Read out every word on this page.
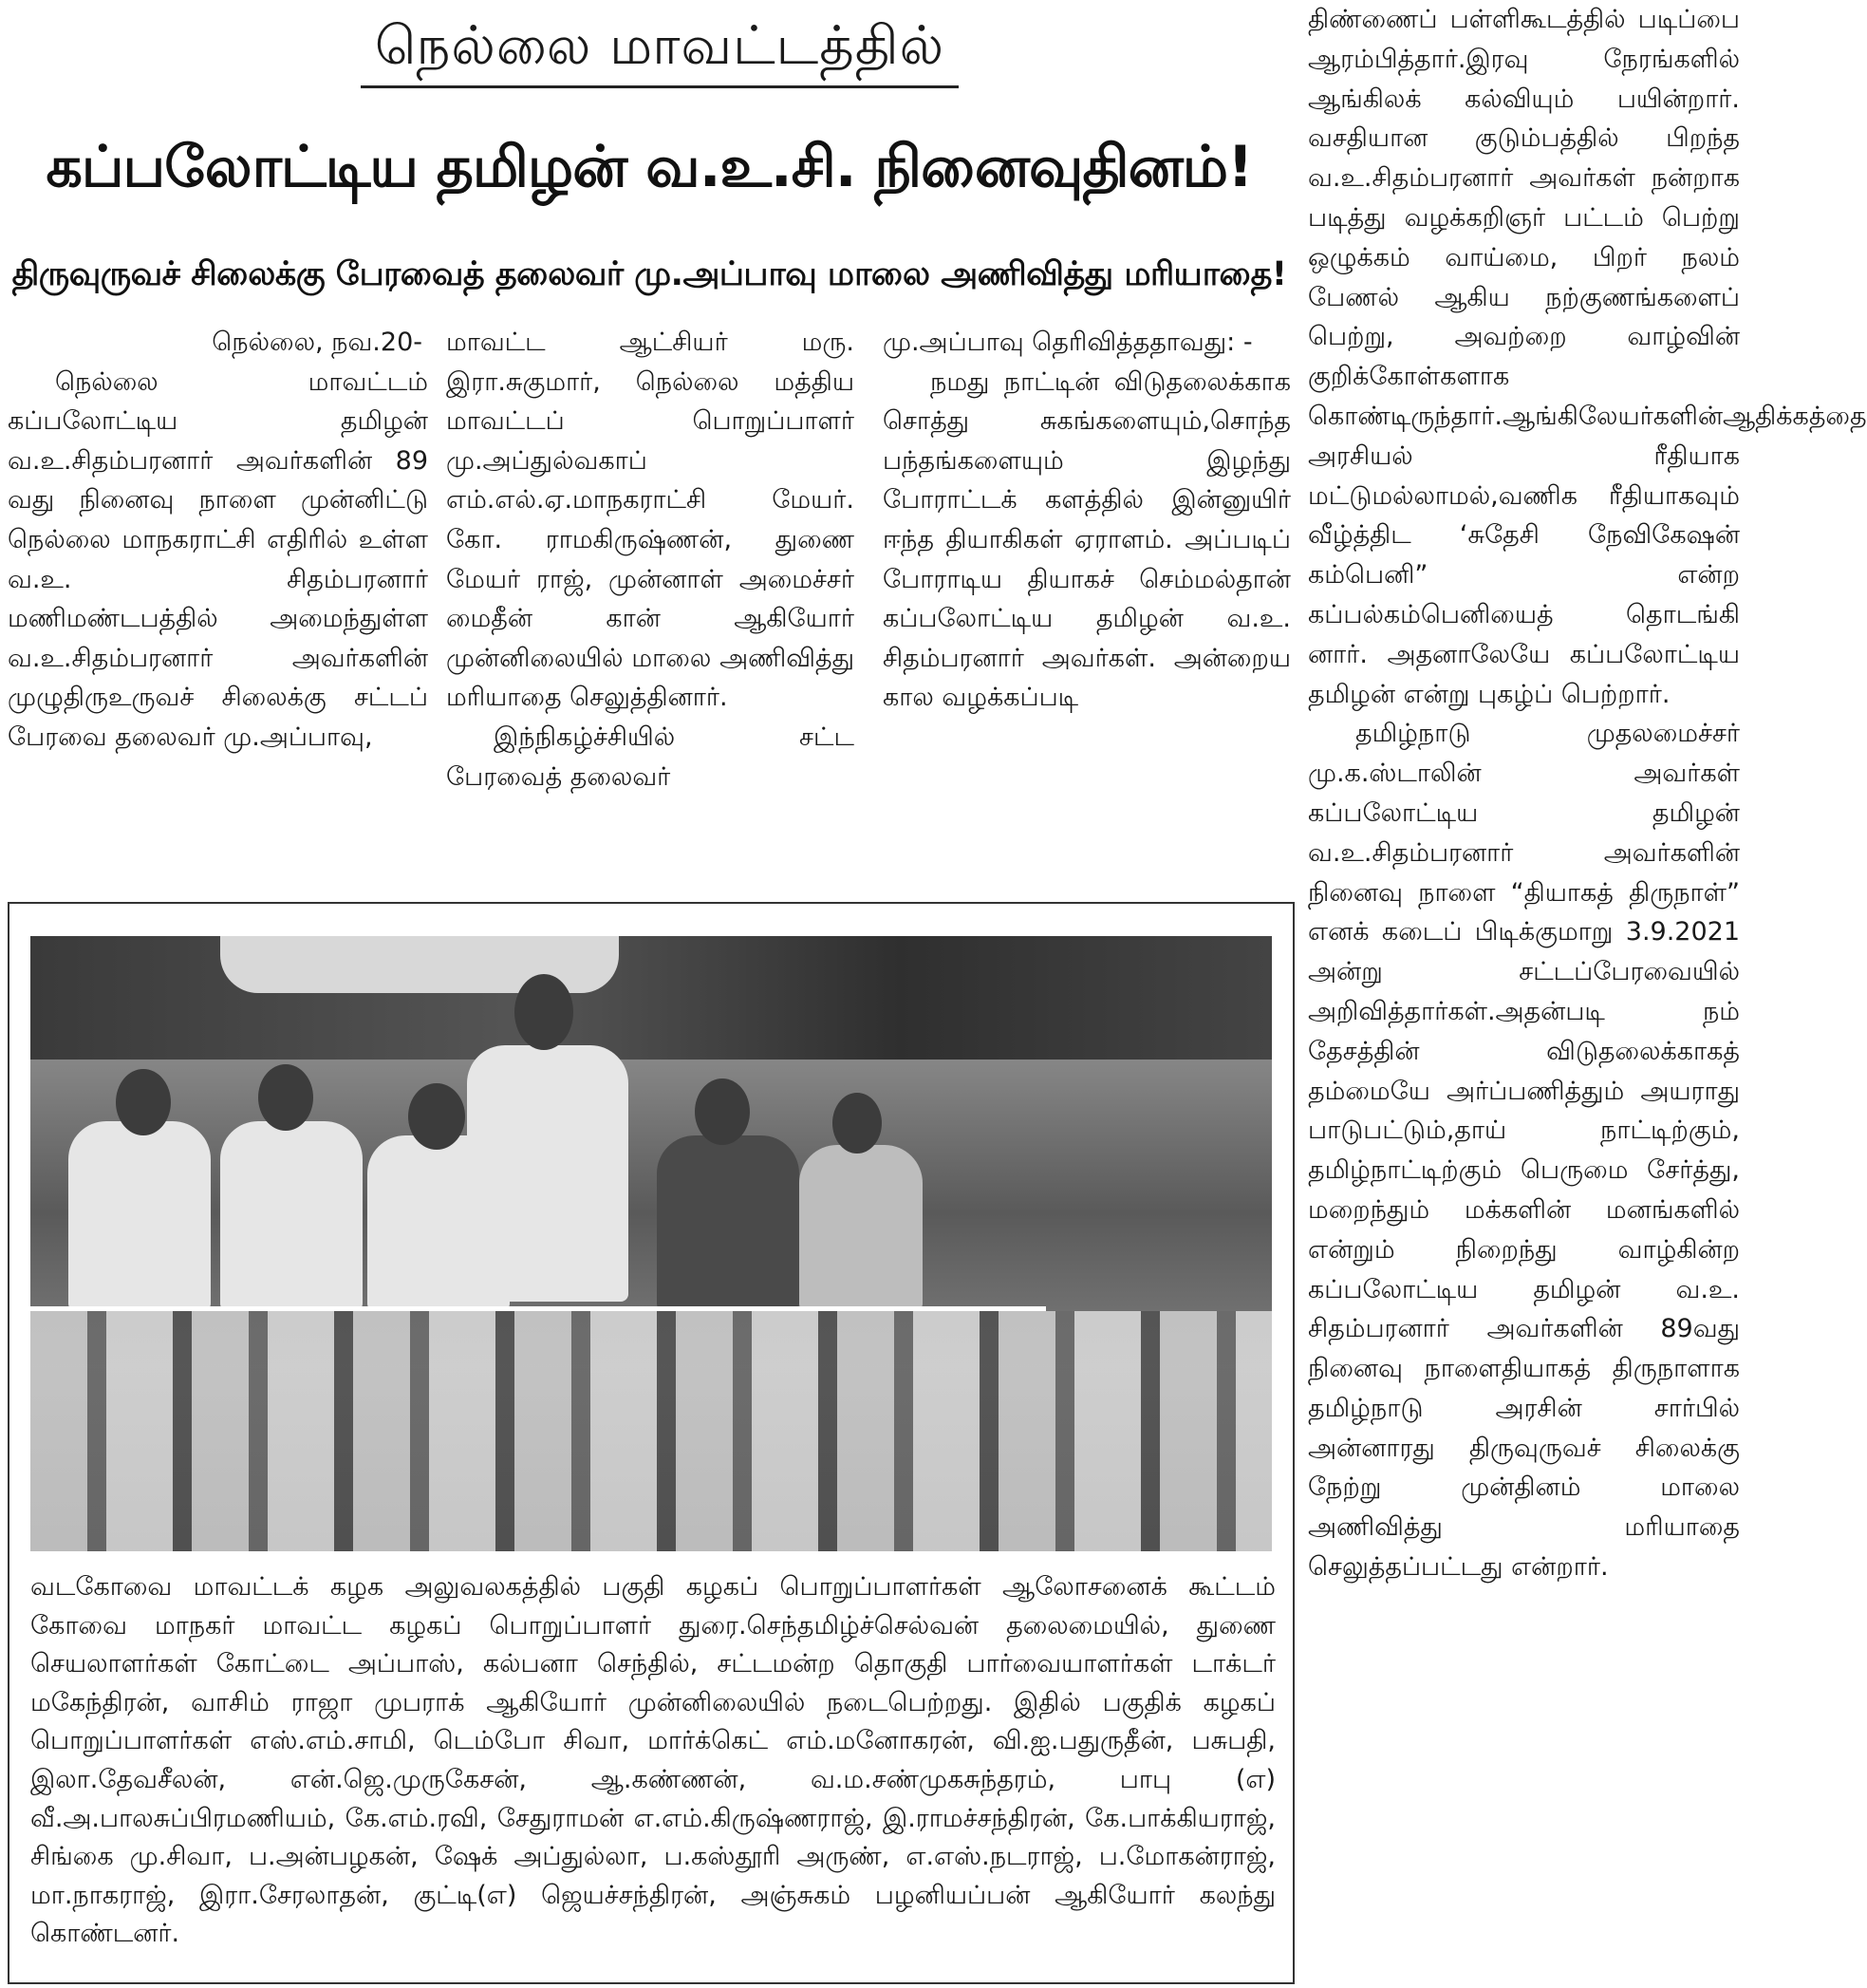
நெல்லை மாவட்டத்தில்
கப்பலோட்டிய தமிழன் வ.உ.சி. நினைவுதினம்!
திருவுருவச் சிலைக்கு பேரவைத் தலைவர் மு.அப்பாவு மாலை அணிவித்து மரியாதை!

நெல்லை, நவ.20-

நெல்லை மாவட்டம் கப்பலோட்டிய தமிழன் வ.உ.சிதம்பரனார் அவர்களின் 89 வது நினைவு நாளை முன்னிட்டு நெல்லை மாநகராட்சி எதிரில் உள்ள வ.உ. சிதம்பரனார் மணிமண்டபத்தில் அமைந்துள்ள வ.உ.சிதம்பரனார் அவர்களின் முழுதிருஉருவச் சிலைக்கு சட்டப் பேரவை தலைவர் மு.அப்பாவு,

மாவட்ட ஆட்சியர் மரு. இரா.சுகுமார், நெல்லை மத்திய மாவட்டப் பொறுப்பாளர் மு.அப்துல்வகாப் எம்.எல்.ஏ.மாநகராட்சி மேயர். கோ. ராமகிருஷ்ணன், துணை மேயர் ராஜ், முன்னாள் அமைச்சர் மைதீன் கான் ஆகியோர் முன்னிலையில் மாலை அணிவித்து மரியாதை செலுத்தினார்.

இந்நிகழ்ச்சியில் சட்ட பேரவைத் தலைவர்

மு.அப்பாவு தெரிவித்ததாவது: -

நமது நாட்டின் விடுதலைக்காக சொத்து சுகங்களையும்,சொந்த பந்தங்களையும் இழந்து போராட்டக் களத்தில் இன்னுயிர் ஈந்த தியாகிகள் ஏராளம். அப்படிப் போராடிய தியாகச் செம்மல்தான் கப்பலோட்டிய தமிழன் வ.உ. சிதம்பரனார் அவர்கள். அன்றைய கால வழக்கப்படி

திண்ணைப் பள்ளிகூடத்தில் படிப்பை ஆரம்பித்தார்.இரவு நேரங்களில் ஆங்கிலக் கல்வியும் பயின்றார். வசதியான குடும்பத்தில் பிறந்த வ.உ.சிதம்பரனார் அவர்கள் நன்றாக படித்து வழக்கறிஞர் பட்டம் பெற்று ஒழுக்கம் வாய்மை, பிறர் நலம் பேணல் ஆகிய நற்குணங்களைப் பெற்று, அவற்றை வாழ்வின் குறிக்கோள்களாக கொண்டிருந்தார்.ஆங்கிலேயர்களின்ஆதிக்கத்தை அரசியல் ரீதியாக மட்டுமல்லாமல்,வணிக ரீதியாகவும் வீழ்த்திட ‘சுதேசி நேவிகேஷன் கம்பெனி” என்ற கப்பல்கம்பெனியைத் தொடங்கி னார். அதனாலேயே கப்பலோட்டிய தமிழன் என்று புகழ்ப் பெற்றார்.

தமிழ்நாடு முதலமைச்சர் மு.க.ஸ்டாலின் அவர்கள் கப்பலோட்டிய தமிழன் வ.உ.சிதம்பரனார் அவர்களின் நினைவு நாளை “தியாகத் திருநாள்” எனக் கடைப் பிடிக்குமாறு 3.9.2021 அன்று சட்டப்பேரவையில் அறிவித்தார்கள்.அதன்படி நம் தேசத்தின் விடுதலைக்காகத் தம்மையே அர்ப்பணித்தும் அயராது பாடுபட்டும்,தாய் நாட்டிற்கும், தமிழ்நாட்டிற்கும் பெருமை சேர்த்து, மறைந்தும் மக்களின் மனங்களில் என்றும் நிறைந்து வாழ்கின்ற கப்பலோட்டிய தமிழன் வ.உ. சிதம்பரனார் அவர்களின் 89வது நினைவு நாளைதியாகத் திருநாளாக தமிழ்நாடு அரசின் சார்பில் அன்னாரது திருவுருவச் சிலைக்கு நேற்று முன்தினம் மாலை அணிவித்து மரியாதை செலுத்தப்பட்டது என்றார்.

வடகோவை மாவட்டக் கழக அலுவலகத்தில் பகுதி கழகப் பொறுப்பாளர்கள் ஆலோசனைக் கூட்டம் கோவை மாநகர் மாவட்ட கழகப் பொறுப்பாளர் துரை.செந்தமிழ்ச்செல்வன் தலைமையில், துணை செயலாளர்கள் கோட்டை அப்பாஸ், கல்பனா செந்தில், சட்டமன்ற தொகுதி பார்வையாளர்கள் டாக்டர் மகேந்திரன், வாசிம் ராஜா முபராக் ஆகியோர் முன்னிலையில் நடைபெற்றது. இதில் பகுதிக் கழகப் பொறுப்பாளர்கள் எஸ்.எம்.சாமி, டெம்போ சிவா, மார்க்கெட் எம்.மனோகரன், வி.ஐ.பதுருதீன், பசுபதி, இலா.தேவசீலன், என்.ஜெ.முருகேசன், ஆ.கண்ணன், வ.ம.சண்முகசுந்தரம், பாபு (எ) வீ.அ.பாலசுப்பிரமணியம், கே.எம்.ரவி, சேதுராமன் எ.எம்.கிருஷ்ணராஜ், இ.ராமச்சந்திரன், கே.பாக்கியராஜ், சிங்கை மு.சிவா, ப.அன்பழகன், ஷேக் அப்துல்லா, ப.கஸ்தூரி அருண், எ.எஸ்.நடராஜ், ப.மோகன்ராஜ், மா.நாகராஜ், இரா.சேரலாதன், குட்டி(எ) ஜெயச்சந்திரன், அஞ்சுகம் பழனியப்பன் ஆகியோர் கலந்து கொண்டனர்.
